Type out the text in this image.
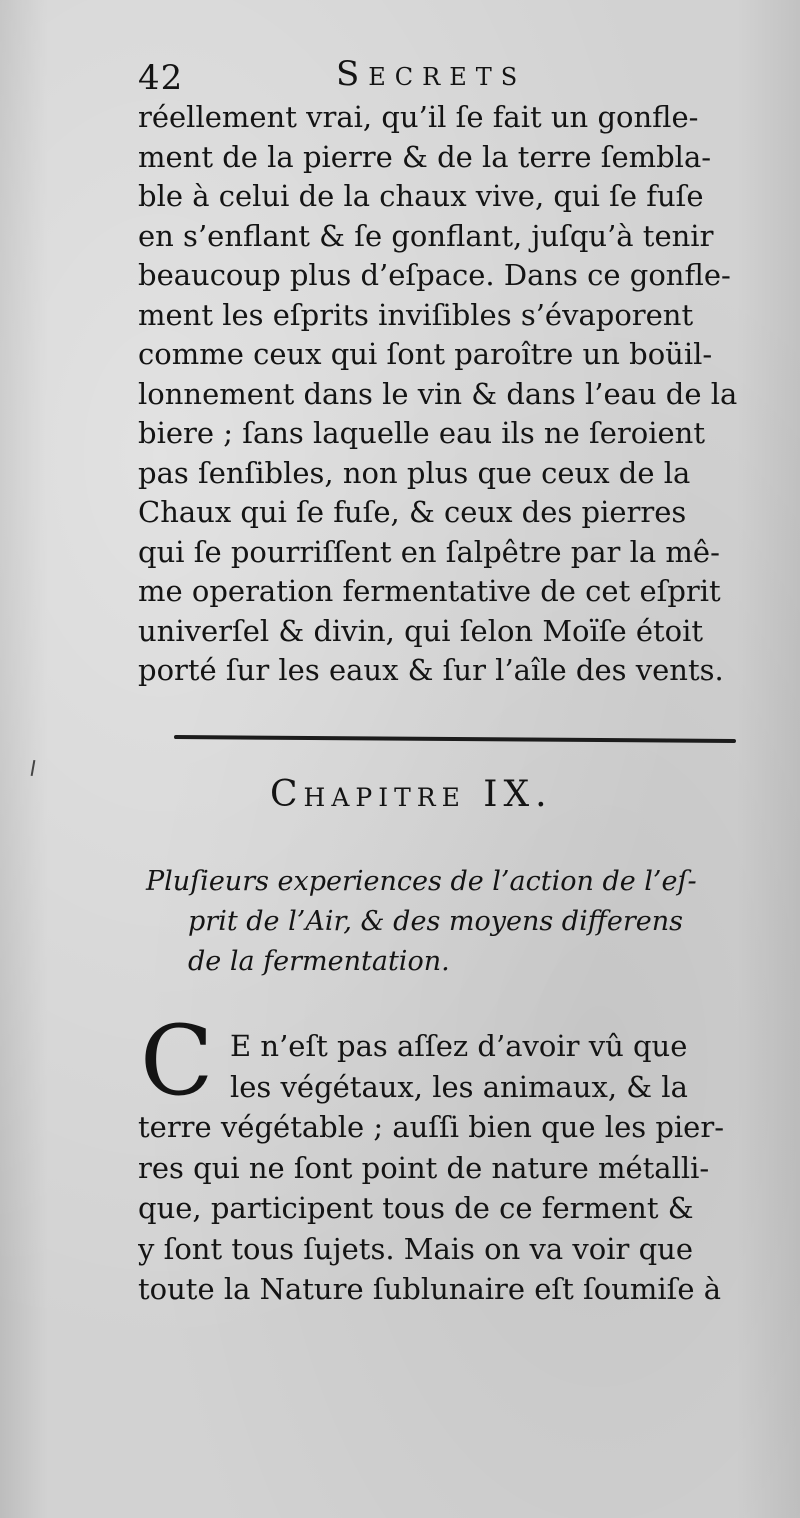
42	Secrets
réellement vrai, qu’il ſe fait un gonfle-
ment de la pierre & de la terre ſembla-
ble à celui de la chaux vive, qui ſe fuſe
en s’enflant & ſe gonflant, juſqu’à tenir
beaucoup plus d’eſpace. Dans ce gonfle-
ment les eſprits inviſibles s’évaporent
comme ceux qui ſont paroître un boüil-
lonnement dans le vin & dans l’eau de la
biere ; ſans laquelle eau ils ne ſeroient
pas ſenſibles, non plus que ceux de la
Chaux qui ſe fuſe, & ceux des pierres
qui ſe pourriſſent en ſalpêtre par la mê-
me operation fermentative de cet eſprit
univerſel & divin, qui ſelon Moïſe étoit
porté ſur les eaux & ſur l’aîle des vents.
Chapitre IX.
Pluſieurs experiences de l’action de l’eſ-
prit de l’Air, & des moyens differens
de la fermentation.
C E n’eſt pas aſſez d’avoir vû que
les végétaux, les animaux, & la
terre végétable ; auſſi bien que les pier-
res qui ne ſont point de nature métalli-
que, participent tous de ce ferment &
y ſont tous ſujets. Mais on va voir que
toute la Nature ſublunaire eſt ſoumiſe à
